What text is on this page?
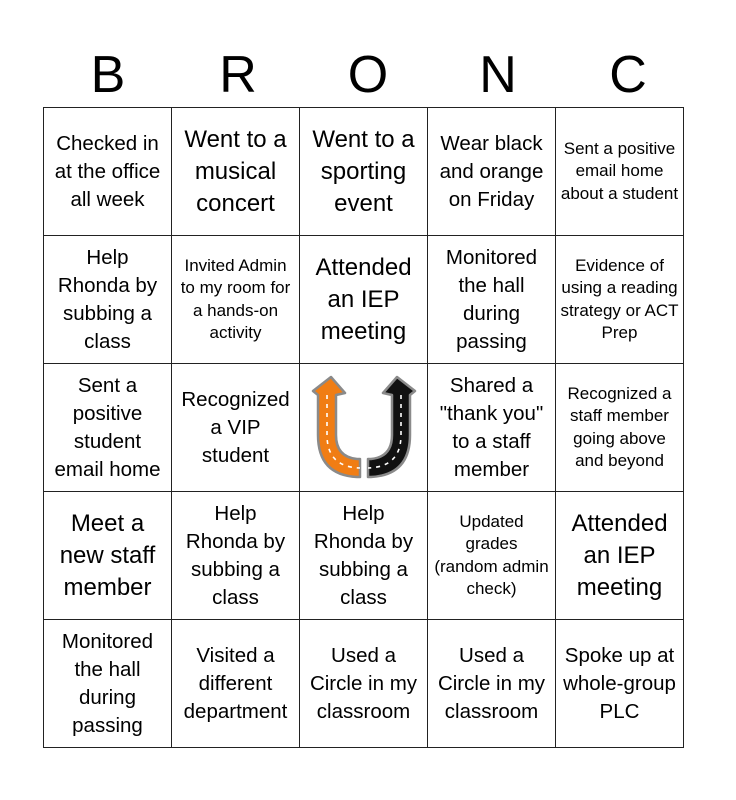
B	R	O	N	C
Checked in at the office all week	Went to a musical concert	Went to a sporting event	Wear black and orange on Friday	Sent a positive email home about a student

Help Rhonda by subbing a class	Invited Admin to my room for a hands-on activity	Attended an IEP meeting	Monitored the hall during passing	Evidence of using a reading strategy or ACT Prep

Sent a positive student email home	Recognized a VIP student		Shared a "thank you" to a staff member	Recognized a staff member going above and beyond

Meet a new staff member	Help Rhonda by subbing a class	Help Rhonda by subbing a class	Updated grades (random admin check)	Attended an IEP meeting

Monitored the hall during passing	Visited a different department	Used a Circle in my classroom	Used a Circle in my classroom	Spoke up at whole-group PLC
